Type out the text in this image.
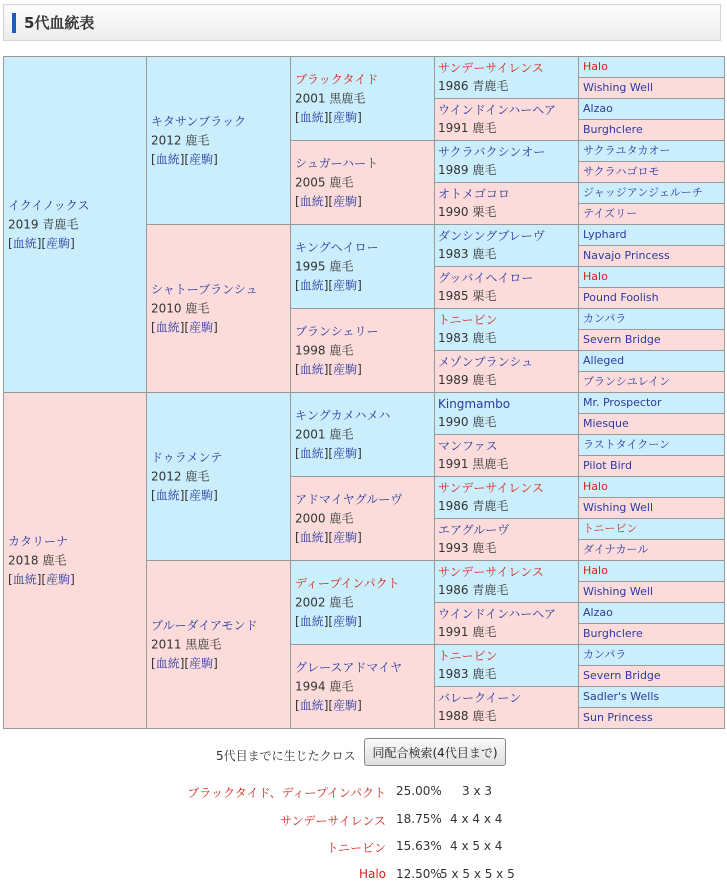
5代血統表
イクイノックス
2019 青鹿毛
[血統][産駒]
キタサンブラック
2012 鹿毛
[血統][産駒]
ブラックタイド
2001 黒鹿毛
[血統][産駒]
サンデーサイレンス
1986 青鹿毛
Halo
Wishing Well
ウインドインハーヘア
1991 鹿毛
Alzao
Burghclere
シュガーハート
2005 鹿毛
[血統][産駒]
サクラバクシンオー
1989 鹿毛
サクラユタカオー
サクラハゴロモ
オトメゴコロ
1990 栗毛
ジャッジアンジェルーチ
テイズリー
シャトーブランシュ
2010 鹿毛
[血統][産駒]
キングヘイロー
1995 鹿毛
[血統][産駒]
ダンシングブレーヴ
1983 鹿毛
Lyphard
Navajo Princess
グッバイヘイロー
1985 栗毛
Halo
Pound Foolish
ブランシェリー
1998 鹿毛
[血統][産駒]
トニービン
1983 鹿毛
カンパラ
Severn Bridge
メゾンブランシュ
1989 鹿毛
Alleged
ブランシユレイン
カタリーナ
2018 鹿毛
[血統][産駒]
ドゥラメンテ
2012 鹿毛
[血統][産駒]
キングカメハメハ
2001 鹿毛
[血統][産駒]
Kingmambo
1990 鹿毛
Mr. Prospector
Miesque
マンファス
1991 黒鹿毛
ラストタイクーン
Pilot Bird
アドマイヤグルーヴ
2000 鹿毛
[血統][産駒]
サンデーサイレンス
1986 青鹿毛
Halo
Wishing Well
エアグルーヴ
1993 鹿毛
トニービン
ダイナカール
ブルーダイアモンド
2011 黒鹿毛
[血統][産駒]
ディープインパクト
2002 鹿毛
[血統][産駒]
サンデーサイレンス
1986 青鹿毛
Halo
Wishing Well
ウインドインハーヘア
1991 鹿毛
Alzao
Burghclere
グレースアドマイヤ
1994 鹿毛
[血統][産駒]
トニービン
1983 鹿毛
カンパラ
Severn Bridge
バレークイーン
1988 鹿毛
Sadler's Wells
Sun Princess
5代目までに生じたクロス	同配合検索(4代目まで)
ブラックタイド、ディープインパクト 25.00% 3 x 3
サンデーサイレンス 18.75% 4 x 4 x 4
トニービン 15.63% 4 x 5 x 4
Halo 12.50%
5 x 5 x 5 x 5
